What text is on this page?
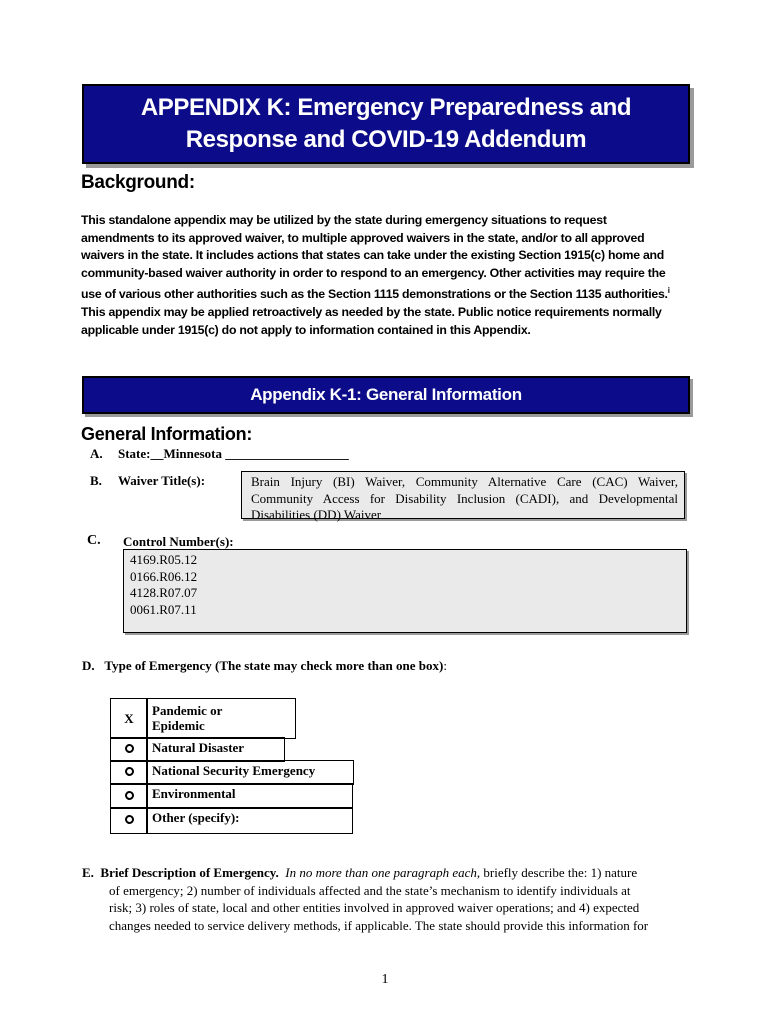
APPENDIX K: Emergency Preparedness and
Response and COVID-19 Addendum
Background:
This standalone appendix may be utilized by the state during emergency situations to request amendments to its approved waiver, to multiple approved waivers in the state, and/or to all approved waivers in the state. It includes actions that states can take under the existing Section 1915(c) home and community-based waiver authority in order to respond to an emergency. Other activities may require the use of various other authorities such as the Section 1115 demonstrations or the Section 1135 authorities.$^i$ This appendix may be applied retroactively as needed by the state. Public notice requirements normally applicable under 1915(c) do not apply to information contained in this Appendix.
Appendix K-1: General Information
General Information:
A. State:__Minnesota ___________________
B. Waiver Title(s):	Brain Injury (BI) Waiver, Community Alternative Care (CAC) Waiver, Community Access for Disability Inclusion (CADI), and Developmental Disabilities (DD) Waiver
C. Control Number(s):
4169.R05.12
0166.R06.12
4128.R07.07
0061.R07.11
D. Type of Emergency (The state may check more than one box):
X Pandemic or
Epidemic
Natural Disaster
National Security Emergency
Environmental
Other (specify):
E. Brief Description of Emergency. In no more than one paragraph each, briefly describe the: 1) nature
of emergency; 2) number of individuals affected and the state’s mechanism to identify individuals at
risk; 3) roles of state, local and other entities involved in approved waiver operations; and 4) expected
changes needed to service delivery methods, if applicable. The state should provide this information for
1
